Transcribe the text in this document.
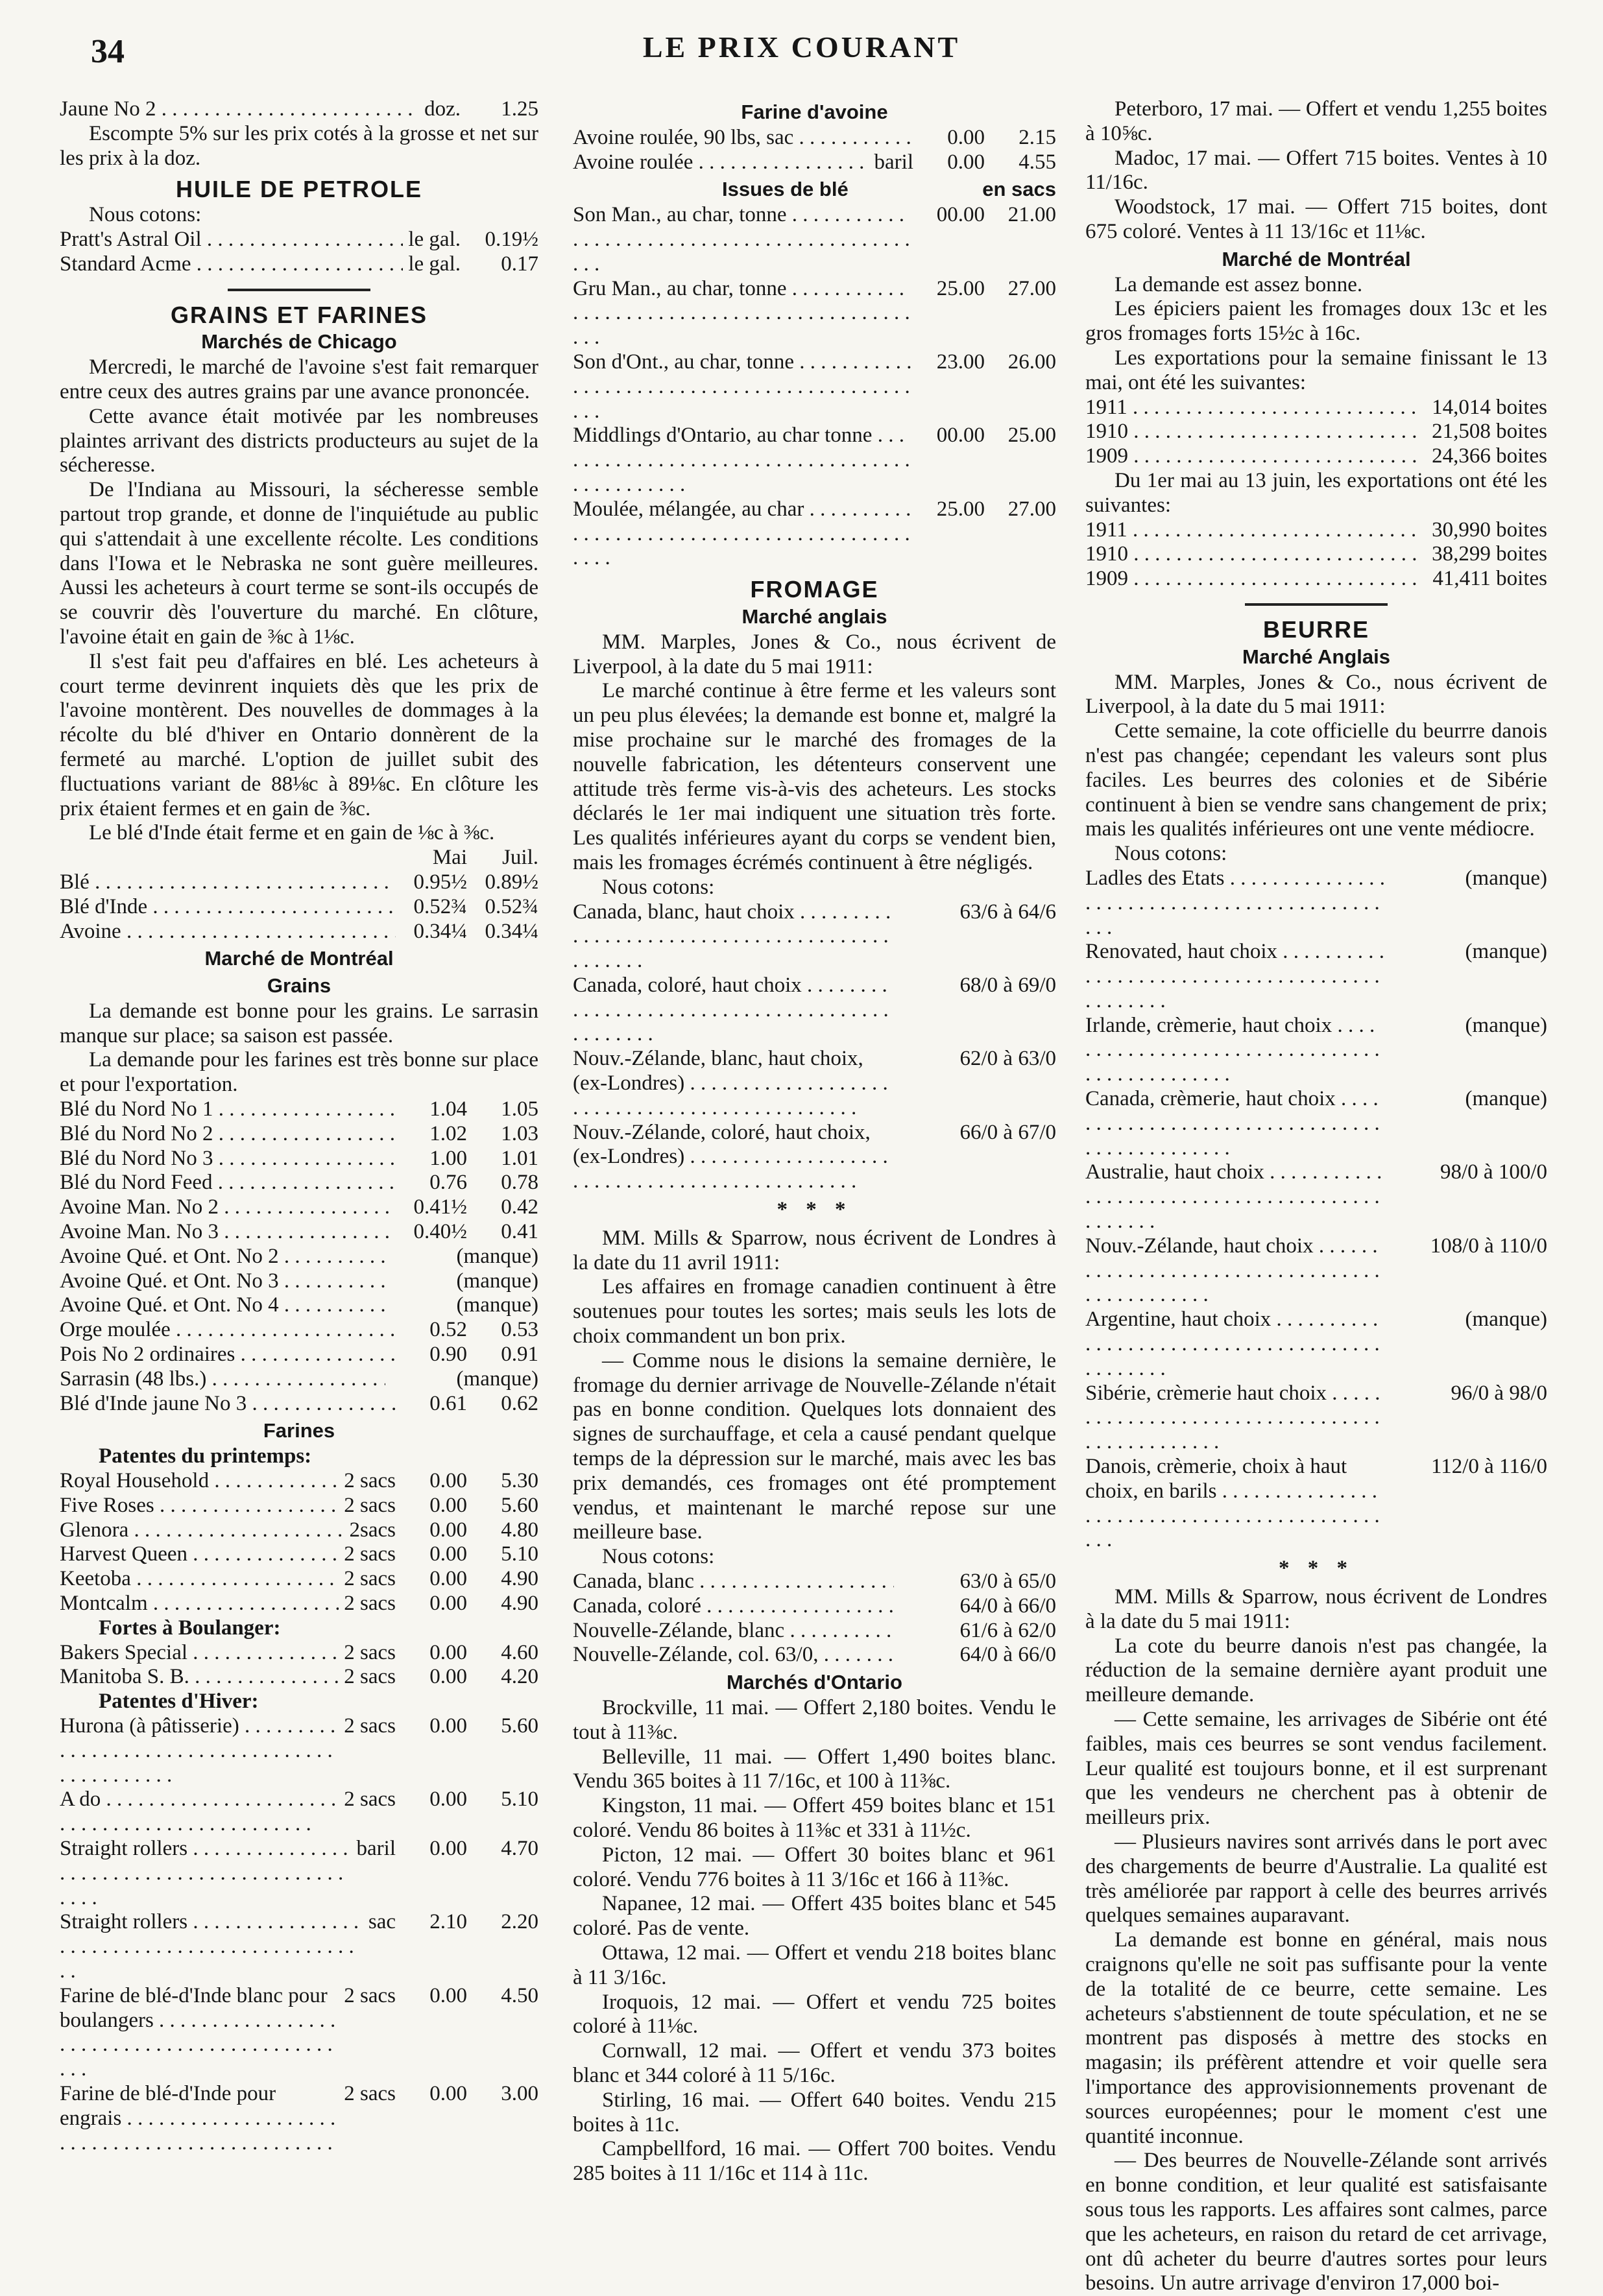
34	LE PRIX COURANT
Jaune No 2 . . .	doz.	1.25

Escompte 5% sur les prix cotés à la grosse et net sur les prix à la doz.

HUILE DE PETROLE

Nous cotons:

Pratt's Astral Oil . . .	le gal.	0.19½
Standard Acme . . .	le gal.	0.17
GRAINS ET FARINES
Marchés de Chicago

Mercredi, le marché de l'avoine s'est fait remarquer entre ceux des autres grains par une avance prononcée.

Cette avance était motivée par les nombreuses plaintes arrivant des districts producteurs au sujet de la sécheresse.

De l'Indiana au Missouri, la sécheresse semble partout trop grande, et donne de l'inquiétude au public qui s'attendait à une excellente récolte. Les conditions dans l'Iowa et le Nebraska ne sont guère meilleures. Aussi les acheteurs à court terme se sont-ils occupés de se couvrir dès l'ouverture du marché. En clôture, l'avoine était en gain de ⅜c à 1⅛c.

Il s'est fait peu d'affaires en blé. Les acheteurs à court terme devinrent inquiets dès que les prix de l'avoine montèrent. Des nouvelles de dommages à la récolte du blé d'hiver en Ontario donnèrent de la fermeté au marché. L'option de juillet subit des fluctuations variant de 88⅛c à 89⅛c. En clôture les prix étaient fermes et en gain de ⅜c.

Le blé d'Inde était ferme et en gain de ⅛c à ⅜c.

Mai	Juil.
Blé . . .	0.95½ 0.89½
Blé d'Inde . . .	0.52¾ 0.52¾
Avoine . . .	0.34¼ 0.34¼
Marché de Montréal
Grains

La demande est bonne pour les grains. Le sarrasin manque sur place; sa saison est passée.

La demande pour les farines est très bonne sur place et pour l'exportation.

Blé du Nord No 1 . . .	1.04	1.05
Blé du Nord No 2 . . .	1.02	1.03
Blé du Nord No 3 . . .	1.00	1.01
Blé du Nord Feed . . .	0.76	0.78
Avoine Man. No 2 . . .	0.41½	0.42
Avoine Man. No 3 . . .	0.40½	0.41
Avoine Qué. et Ont. No 2 . . .	(manque)
Avoine Qué. et Ont. No 3 . . .	(manque)
Avoine Qué. et Ont. No 4 . . .	(manque)
Orge moulée . . .	0.52	0.53
Pois No 2 ordinaires . . .	0.90	0.91
Sarrasin (48 lbs.) . . .	(manque)
Blé d'Inde jaune No 3 . . .	0.61	0.62
Farines

Patentes du printemps:

Royal Household . . .	2 sacs	0.00	5.30
Five Roses . . .	2 sacs	0.00	5.60
Glenora . . .	2sacs	0.00	4.80
Harvest Queen . . .	2 sacs	0.00	5.10
Keetoba . . .	2 sacs	0.00	4.90
Montcalm . . .	2 sacs	0.00	4.90

Fortes à Boulanger:

Bakers Special . . .	2 sacs	0.00	4.60
Manitoba S. B. . . .	2 sacs	0.00	4.20

Patentes d'Hiver:

Hurona (à pâtisserie) . . .	2 sacs	0.00	5.60
A do . . .	2 sacs	0.00	5.10
Straight rollers . . .	baril	0.00	4.70
Straight rollers . . .	sac	2.10	2.20
Farine de blé-d'Inde blanc pour boulangers . . .
2 sacs	0.00	4.50
Farine de blé-d'Inde pour engrais . . .
2 sacs	0.00	3.00
Farine d'avoine
Avoine roulée, 90 lbs, sac . . .	0.00	2.15
Avoine roulée . . .	baril	0.00	4.55
Issues de blé	en sacs
Son Man., au char, tonne . . .	00.00	21.00
Gru Man., au char, tonne . . .	25.00	27.00
Son d'Ont., au char, tonne . . .	23.00	26.00
Middlings d'Ontario, au char tonne . . .	00.00	25.00
Moulée, mélangée, au char . . .	25.00	27.00
FROMAGE
Marché anglais

MM. Marples, Jones & Co., nous écrivent de Liverpool, à la date du 5 mai 1911:

Le marché continue à être ferme et les valeurs sont un peu plus élevées; la demande est bonne et, malgré la mise prochaine sur le marché des fromages de la nouvelle fabrication, les détenteurs conservent une attitude très ferme vis-à-vis des acheteurs. Les stocks déclarés le 1er mai indiquent une situation très forte. Les qualités inférieures ayant du corps se vendent bien, mais les fromages écrémés continuent à être négligés.

Nous cotons:

Canada, blanc, haut choix . . .	63/6 à 64/6
Canada, coloré, haut choix . . .	68/0 à 69/0
Nouv.-Zélande, blanc, haut choix, (ex-Londres) . . .
62/0 à 63/0
Nouv.-Zélande, coloré, haut choix, (ex-Londres) . . .
66/0 à 67/0
* * *

MM. Mills & Sparrow, nous écrivent de Londres à la date du 11 avril 1911:

Les affaires en fromage canadien continuent à être soutenues pour toutes les sortes; mais seuls les lots de choix commandent un bon prix.

— Comme nous le disions la semaine dernière, le fromage du dernier arrivage de Nouvelle-Zélande n'était pas en bonne condition. Quelques lots donnaient des signes de surchauffage, et cela a causé pendant quelque temps de la dépression sur le marché, mais avec les bas prix demandés, ces fromages ont été promptement vendus, et maintenant le marché repose sur une meilleure base.

Nous cotons:

Canada, blanc . . .	63/0 à 65/0
Canada, coloré . . .	64/0 à 66/0
Nouvelle-Zélande, blanc . . .	61/6 à 62/0
Nouvelle-Zélande, col. 63/0, . . .	64/0 à 66/0
Marchés d'Ontario

Brockville, 11 mai. — Offert 2,180 boites. Vendu le tout à 11⅜c.

Belleville, 11 mai. — Offert 1,490 boites blanc. Vendu 365 boites à 11 7/16c, et 100 à 11⅜c.

Kingston, 11 mai. — Offert 459 boites blanc et 151 coloré. Vendu 86 boites à 11⅜c et 331 à 11½c.

Picton, 12 mai. — Offert 30 boites blanc et 961 coloré. Vendu 776 boites à 11 3/16c et 166 à 11⅜c.

Napanee, 12 mai. — Offert 435 boites blanc et 545 coloré. Pas de vente.

Ottawa, 12 mai. — Offert et vendu 218 boites blanc à 11 3/16c.

Iroquois, 12 mai. — Offert et vendu 725 boites coloré à 11⅛c.

Cornwall, 12 mai. — Offert et vendu 373 boites blanc et 344 coloré à 11 5/16c.

Stirling, 16 mai. — Offert 640 boites. Vendu 215 boites à 11c.

Campbellford, 16 mai. — Offert 700 boites. Vendu 285 boites à 11 1/16c et 114 à 11c.

Peterboro, 17 mai. — Offert et vendu 1,255 boites à 10⅝c.

Madoc, 17 mai. — Offert 715 boites. Ventes à 10 11/16c.

Woodstock, 17 mai. — Offert 715 boites, dont 675 coloré. Ventes à 11 13/16c et 11⅛c.

Marché de Montréal

La demande est assez bonne.

Les épiciers paient les fromages doux 13c et les gros fromages forts 15½c à 16c.

Les exportations pour la semaine finissant le 13 mai, ont été les suivantes:

1911 . . .	14,014 boites
1910 . . .	21,508 boites
1909 . . .	24,366 boites

Du 1er mai au 13 juin, les exportations ont été les suivantes:

1911 . . .	30,990 boites
1910 . . .	38,299 boites
1909 . . .	41,411 boites
BEURRE
Marché Anglais

MM. Marples, Jones & Co., nous écrivent de Liverpool, à la date du 5 mai 1911:

Cette semaine, la cote officielle du beurrre danois n'est pas changée; cependant les valeurs sont plus faciles. Les beurres des colonies et de Sibérie continuent à bien se vendre sans changement de prix; mais les qualités inférieures ont une vente médiocre.

Nous cotons:

Ladles des Etats . . .	(manque)
Renovated, haut choix . . .	(manque)
Irlande, crèmerie, haut choix . . .	(manque)
Canada, crèmerie, haut choix . . .	(manque)
Australie, haut choix . . .	98/0 à 100/0
Nouv.-Zélande, haut choix . . .	108/0 à 110/0
Argentine, haut choix . . .	(manque)
Sibérie, crèmerie haut choix . . .	96/0 à 98/0
Danois, crèmerie, choix à haut choix, en barils . . .
112/0 à 116/0
* * *

MM. Mills & Sparrow, nous écrivent de Londres à la date du 5 mai 1911:

La cote du beurre danois n'est pas changée, la réduction de la semaine dernière ayant produit une meilleure demande.

— Cette semaine, les arrivages de Sibérie ont été faibles, mais ces beurres se sont vendus facilement. Leur qualité est toujours bonne, et il est surprenant que les vendeurs ne cherchent pas à obtenir de meilleurs prix.

— Plusieurs navires sont arrivés dans le port avec des chargements de beurre d'Australie. La qualité est très améliorée par rapport à celle des beurres arrivés quelques semaines auparavant.

La demande est bonne en général, mais nous craignons qu'elle ne soit pas suffisante pour la vente de la totalité de ce beurre, cette semaine. Les acheteurs s'abstiennent de toute spéculation, et ne se montrent pas disposés à mettre des stocks en magasin; ils préfèrent attendre et voir quelle sera l'importance des approvisionnements provenant de sources européennes; pour le moment c'est une quantité inconnue.

— Des beurres de Nouvelle-Zélande sont arrivés en bonne condition, et leur qualité est satisfaisante sous tous les rapports. Les affaires sont calmes, parce que les acheteurs, en raison du retard de cet arrivage, ont dû acheter du beurre d'autres sortes pour leurs besoins. Un autre arrivage d'environ 17,000 boi-
